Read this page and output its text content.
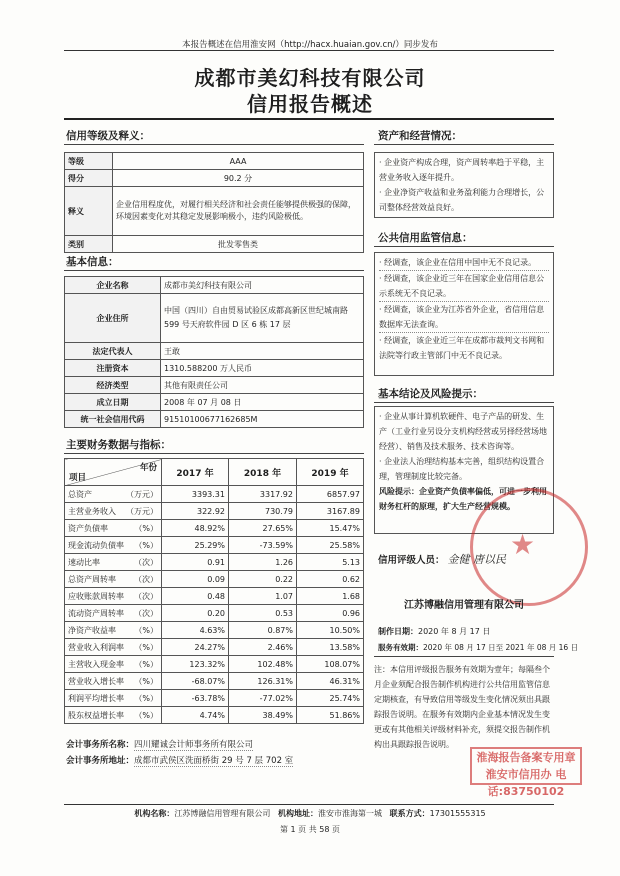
本报告概述在信用淮安网（http://hacx.huaian.gov.cn/）同步发布
成都市美幻科技有限公司
信用报告概述
信用等级及释义：
等级	AAA
得分	90.2 分
释义	企业信用程度优，对履行相关经济和社会责任能够提供极强的保障，环境因素变化对其稳定发展影响极小，违约风险极低。
类别	批发零售类
基本信息：
企业名称	成都市美幻科技有限公司
企业住所	中国（四川）自由贸易试验区成都高新区世纪城南路 599 号天府软件园 D 区 6 栋 17 层
法定代表人	王敢
注册资本	1310.588200 万人民币
经济类型	其他有限责任公司
成立日期	2008 年 07 月 08 日
统一社会信用代码	91510100677162685M
主要财务数据与指标：
年份
项目	2017 年	2018 年	2019 年
总资产 （万元）	3393.31	3317.92	6857.97
主营业务收入 （万元）	322.92	730.79	3167.89
资产负债率 （%）	48.92%	27.65%	15.47%
现金流动负债率 （%）	25.29%	-73.59%	25.58%
速动比率 （次）	0.91	1.26	5.13
总资产周转率 （次）	0.09	0.22	0.62
应收账款周转率 （次）	0.48	1.07	1.68
流动资产周转率 （次）	0.20	0.53	0.96
净资产收益率 （%）	4.63%	0.87%	10.50%
营业收入利润率 （%）	24.27%	2.46%	13.58%
主营收入现金率 （%）	123.32%	102.48%	108.07%
营业收入增长率 （%）	-68.07%	126.31%	46.31%
利润平均增长率 （%）	-63.78%	-77.02%	25.74%
股东权益增长率 （%）	4.74%	38.49%	51.86%
会计事务所名称：四川耀诚会计师事务所有限公司
会计事务所地址：成都市武侯区洗面桥街 29 号 7 层 702 室
资产和经营情况：

· 企业资产构成合理，资产周转率趋于平稳，主营业务收入逐年提升。

· 企业净资产收益和业务盈利能力合理增长，公司整体经营效益良好。

公共信用监管信息：

· 经调查，该企业在信用中国中无不良记录。

· 经调查，该企业近三年在国家企业信用信息公示系统无不良记录。

· 经调查，该企业为江苏省外企业，省信用信息数据库无法查询。

· 经调查，该企业近三年在成都市裁判文书网和法院等行政主管部门中无不良记录。

基本结论及风险提示：

· 企业从事计算机软硬件、电子产品的研发、生产（工业行业另设分支机构经营或另择经营场地经营）、销售及技术服务、技术咨询等。

· 企业法人治理结构基本完善，组织结构设置合理，管理制度比较完备。

风险提示：企业资产负债率偏低，可进一步利用财务杠杆的原理，扩大生产经营规模。

★
信用评级人员： 金健 唐以民
江苏博融信用管理有限公司
制作日期：2020 年 8 月 17 日
服务有效期：2020 年 08 月 17 日至 2021 年 08 月 16 日
注：本信用评级报告服务有效期为壹年；每隔叁个月企业须配合报告制作机构进行公共信用监管信息定期核查，有导致信用等级发生变化情况须出具跟踪报告说明。在服务有效期内企业基本情况发生变更或有其他相关评级材料补充，须提交报告制作机构出具跟踪报告说明。
淮海报告备案专用章 淮安市信用办 电话:83750102
机构名称：江苏博融信用管理有限公司 机构地址：淮安市淮海第一城 联系方式：17301555315
第 1 页 共 58 页
